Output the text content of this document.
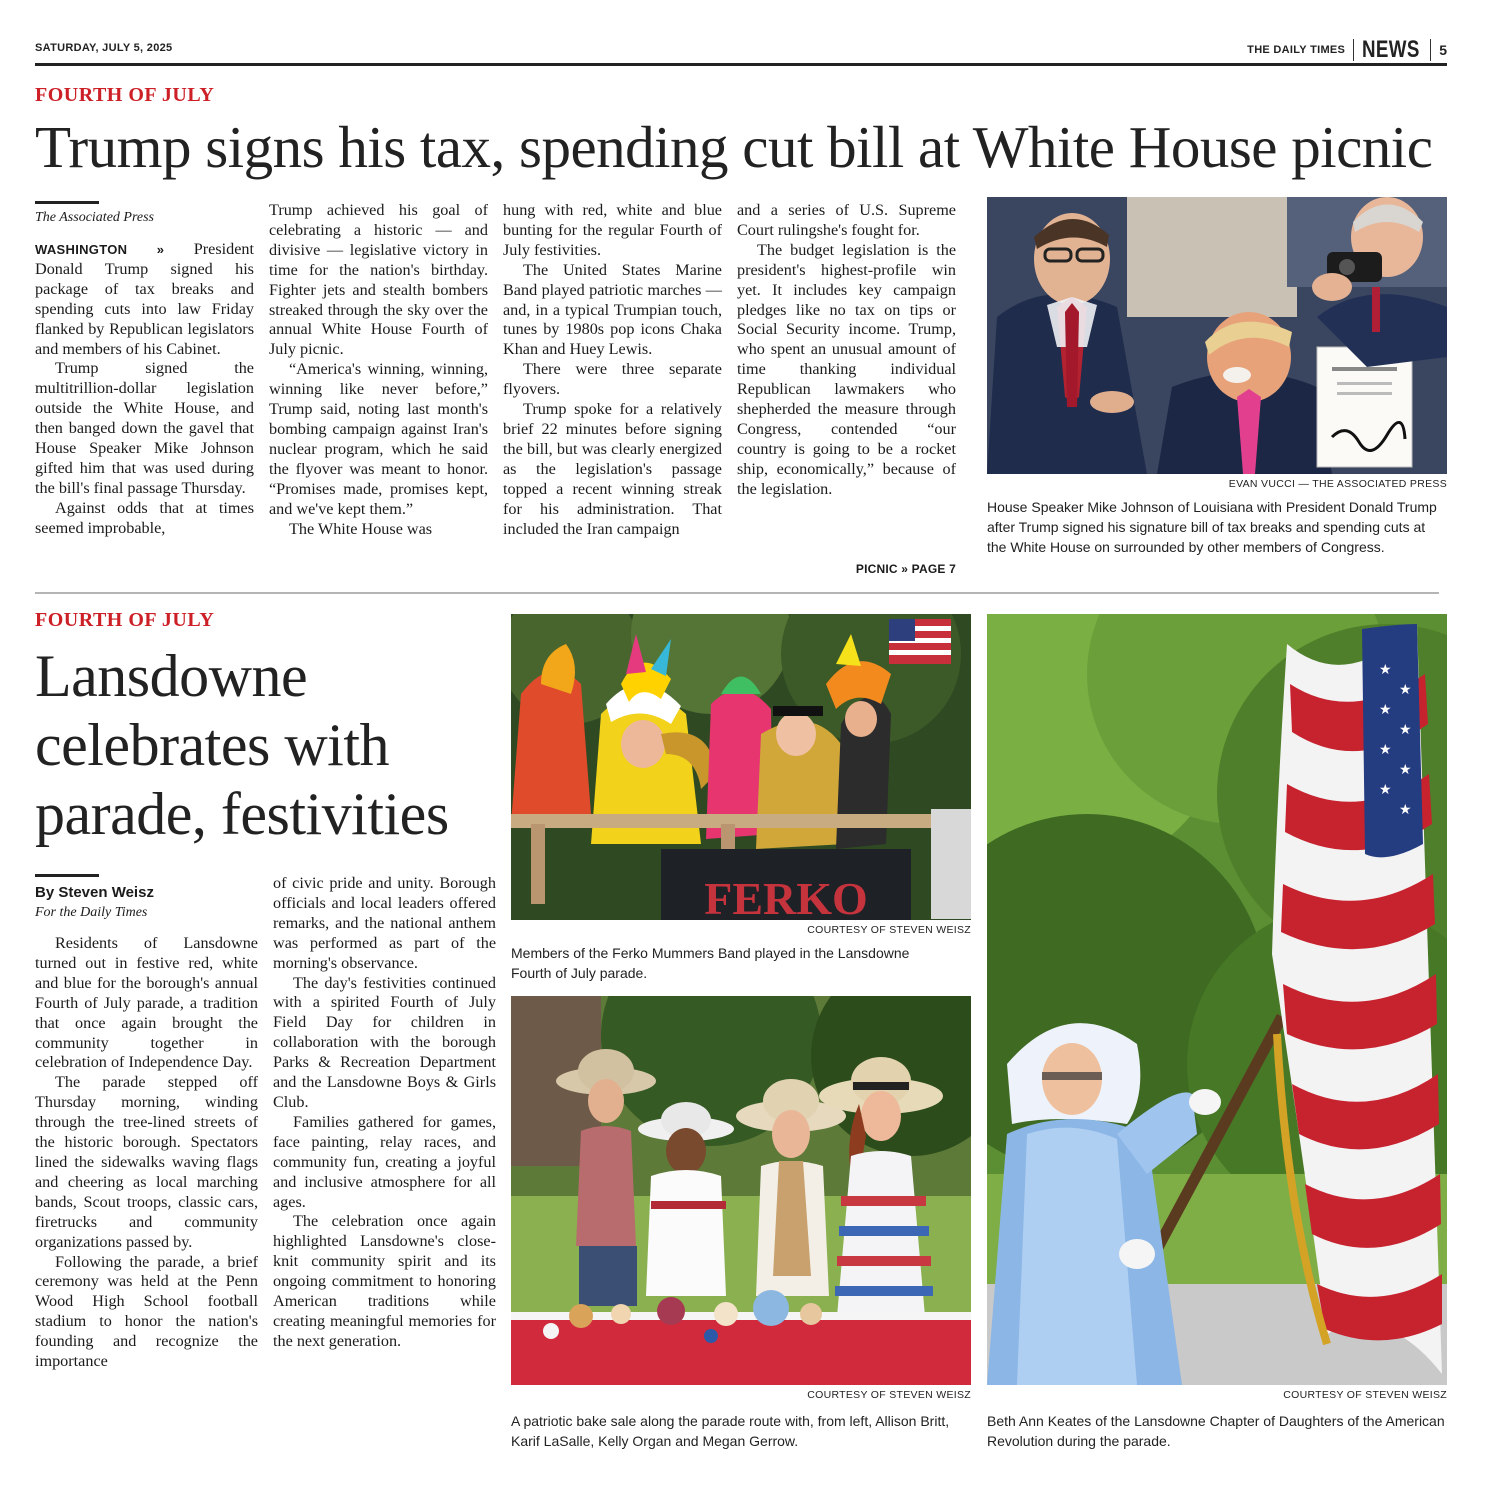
SATURDAY, JULY 5, 2025	THE DAILY TIMES NEWS 5
FOURTH OF JULY
Trump signs his tax, spending cut bill at White House picnic
The Associated Press

WASHINGTON » President Donald Trump signed his package of tax breaks and spending cuts into law Friday flanked by Republican legislators and members of his Cabinet.

Trump signed the multitrillion-dollar legislation outside the White House, and then banged down the gavel that House Speaker Mike Johnson gifted him that was used during the bill's final passage Thursday.

Against odds that at times seemed improbable,

Trump achieved his goal of celebrating a historic — and divisive — legislative victory in time for the nation's birthday. Fighter jets and stealth bombers streaked through the sky over the annual White House Fourth of July picnic.

“America's winning, winning, winning like never before,” Trump said, noting last month's bombing campaign against Iran's nuclear program, which he said the flyover was meant to honor. “Promises made, promises kept, and we've kept them.”

The White House was

hung with red, white and blue bunting for the regular Fourth of July festivities.

The United States Marine Band played patriotic marches — and, in a typical Trumpian touch, tunes by 1980s pop icons Chaka Khan and Huey Lewis.

There were three separate flyovers.

Trump spoke for a relatively brief 22 minutes before signing the bill, but was clearly energized as the legislation's passage topped a recent winning streak for his administration. That included the Iran campaign

and a series of U.S. Supreme Court rulingshe's fought for.

The budget legislation is the president's highest-profile win yet. It includes key campaign pledges like no tax on tips or Social Security income. Trump, who spent an unusual amount of time thanking individual Republican lawmakers who shepherded the measure through Congress, contended “our country is going to be a rocket ship, economically,” because of the legislation.

PICNIC » PAGE 7
EVAN VUCCI — THE ASSOCIATED PRESS
House Speaker Mike Johnson of Louisiana with President Donald Trump after Trump signed his signature bill of tax breaks and spending cuts at the White House on surrounded by other members of Congress.
FOURTH OF JULY
Lansdowne celebrates with parade, festivities
By Steven Weisz
For the Daily Times

Residents of Lansdowne turned out in festive red, white and blue for the borough's annual Fourth of July parade, a tradition that once again brought the community together in celebration of Independence Day.

The parade stepped off Thursday morning, winding through the tree-lined streets of the historic borough. Spectators lined the sidewalks waving flags and cheering as local marching bands, Scout troops, classic cars, firetrucks and community organizations passed by.

Following the parade, a brief ceremony was held at the Penn Wood High School football stadium to honor the nation's founding and recognize the importance

of civic pride and unity. Borough officials and local leaders offered remarks, and the national anthem was performed as part of the morning's observance.

The day's festivities continued with a spirited Fourth of July Field Day for children in collaboration with the borough Parks & Recreation Department and the Lansdowne Boys & Girls Club.

Families gathered for games, face painting, relay races, and community fun, creating a joyful and inclusive atmosphere for all ages.

The celebration once again highlighted Lansdowne's close-knit community spirit and its ongoing commitment to honoring American traditions while creating meaningful memories for the next generation.

FERKO
COURTESY OF STEVEN WEISZ
Members of the Ferko Mummers Band played in the Lansdowne Fourth of July parade.
COURTESY OF STEVEN WEISZ
A patriotic bake sale along the parade route with, from left, Allison Britt, Karif LaSalle, Kelly Organ and Megan Gerrow.
★
★
★
★
★
★
★
★
COURTESY OF STEVEN WEISZ
Beth Ann Keates of the Lansdowne Chapter of Daughters of the American Revolution during the parade.
